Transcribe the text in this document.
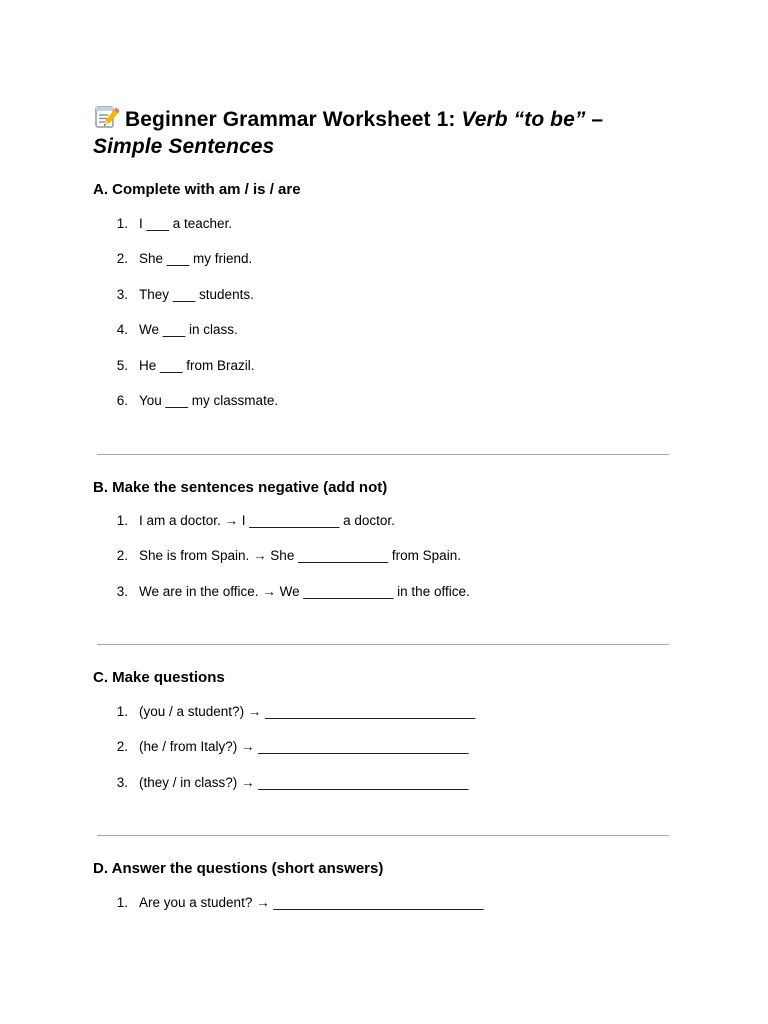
Beginner Grammar Worksheet 1: Verb “to be” –
Simple Sentences
A. Complete with am / is / are
1. I ___ a teacher.
2. She ___ my friend.
3. They ___ students.
4. We ___ in class.
5. He ___ from Brazil.
6. You ___ my classmate.
B. Make the sentences negative (add not)
1. I am a doctor. → I ____________ a doctor.
2. She is from Spain. → She ____________ from Spain.
3. We are in the office. → We ____________ in the office.
C. Make questions
1. (you / a student?) → ____________________________
2. (he / from Italy?) → ____________________________
3. (they / in class?) → ____________________________
D. Answer the questions (short answers)
1. Are you a student? → ____________________________
